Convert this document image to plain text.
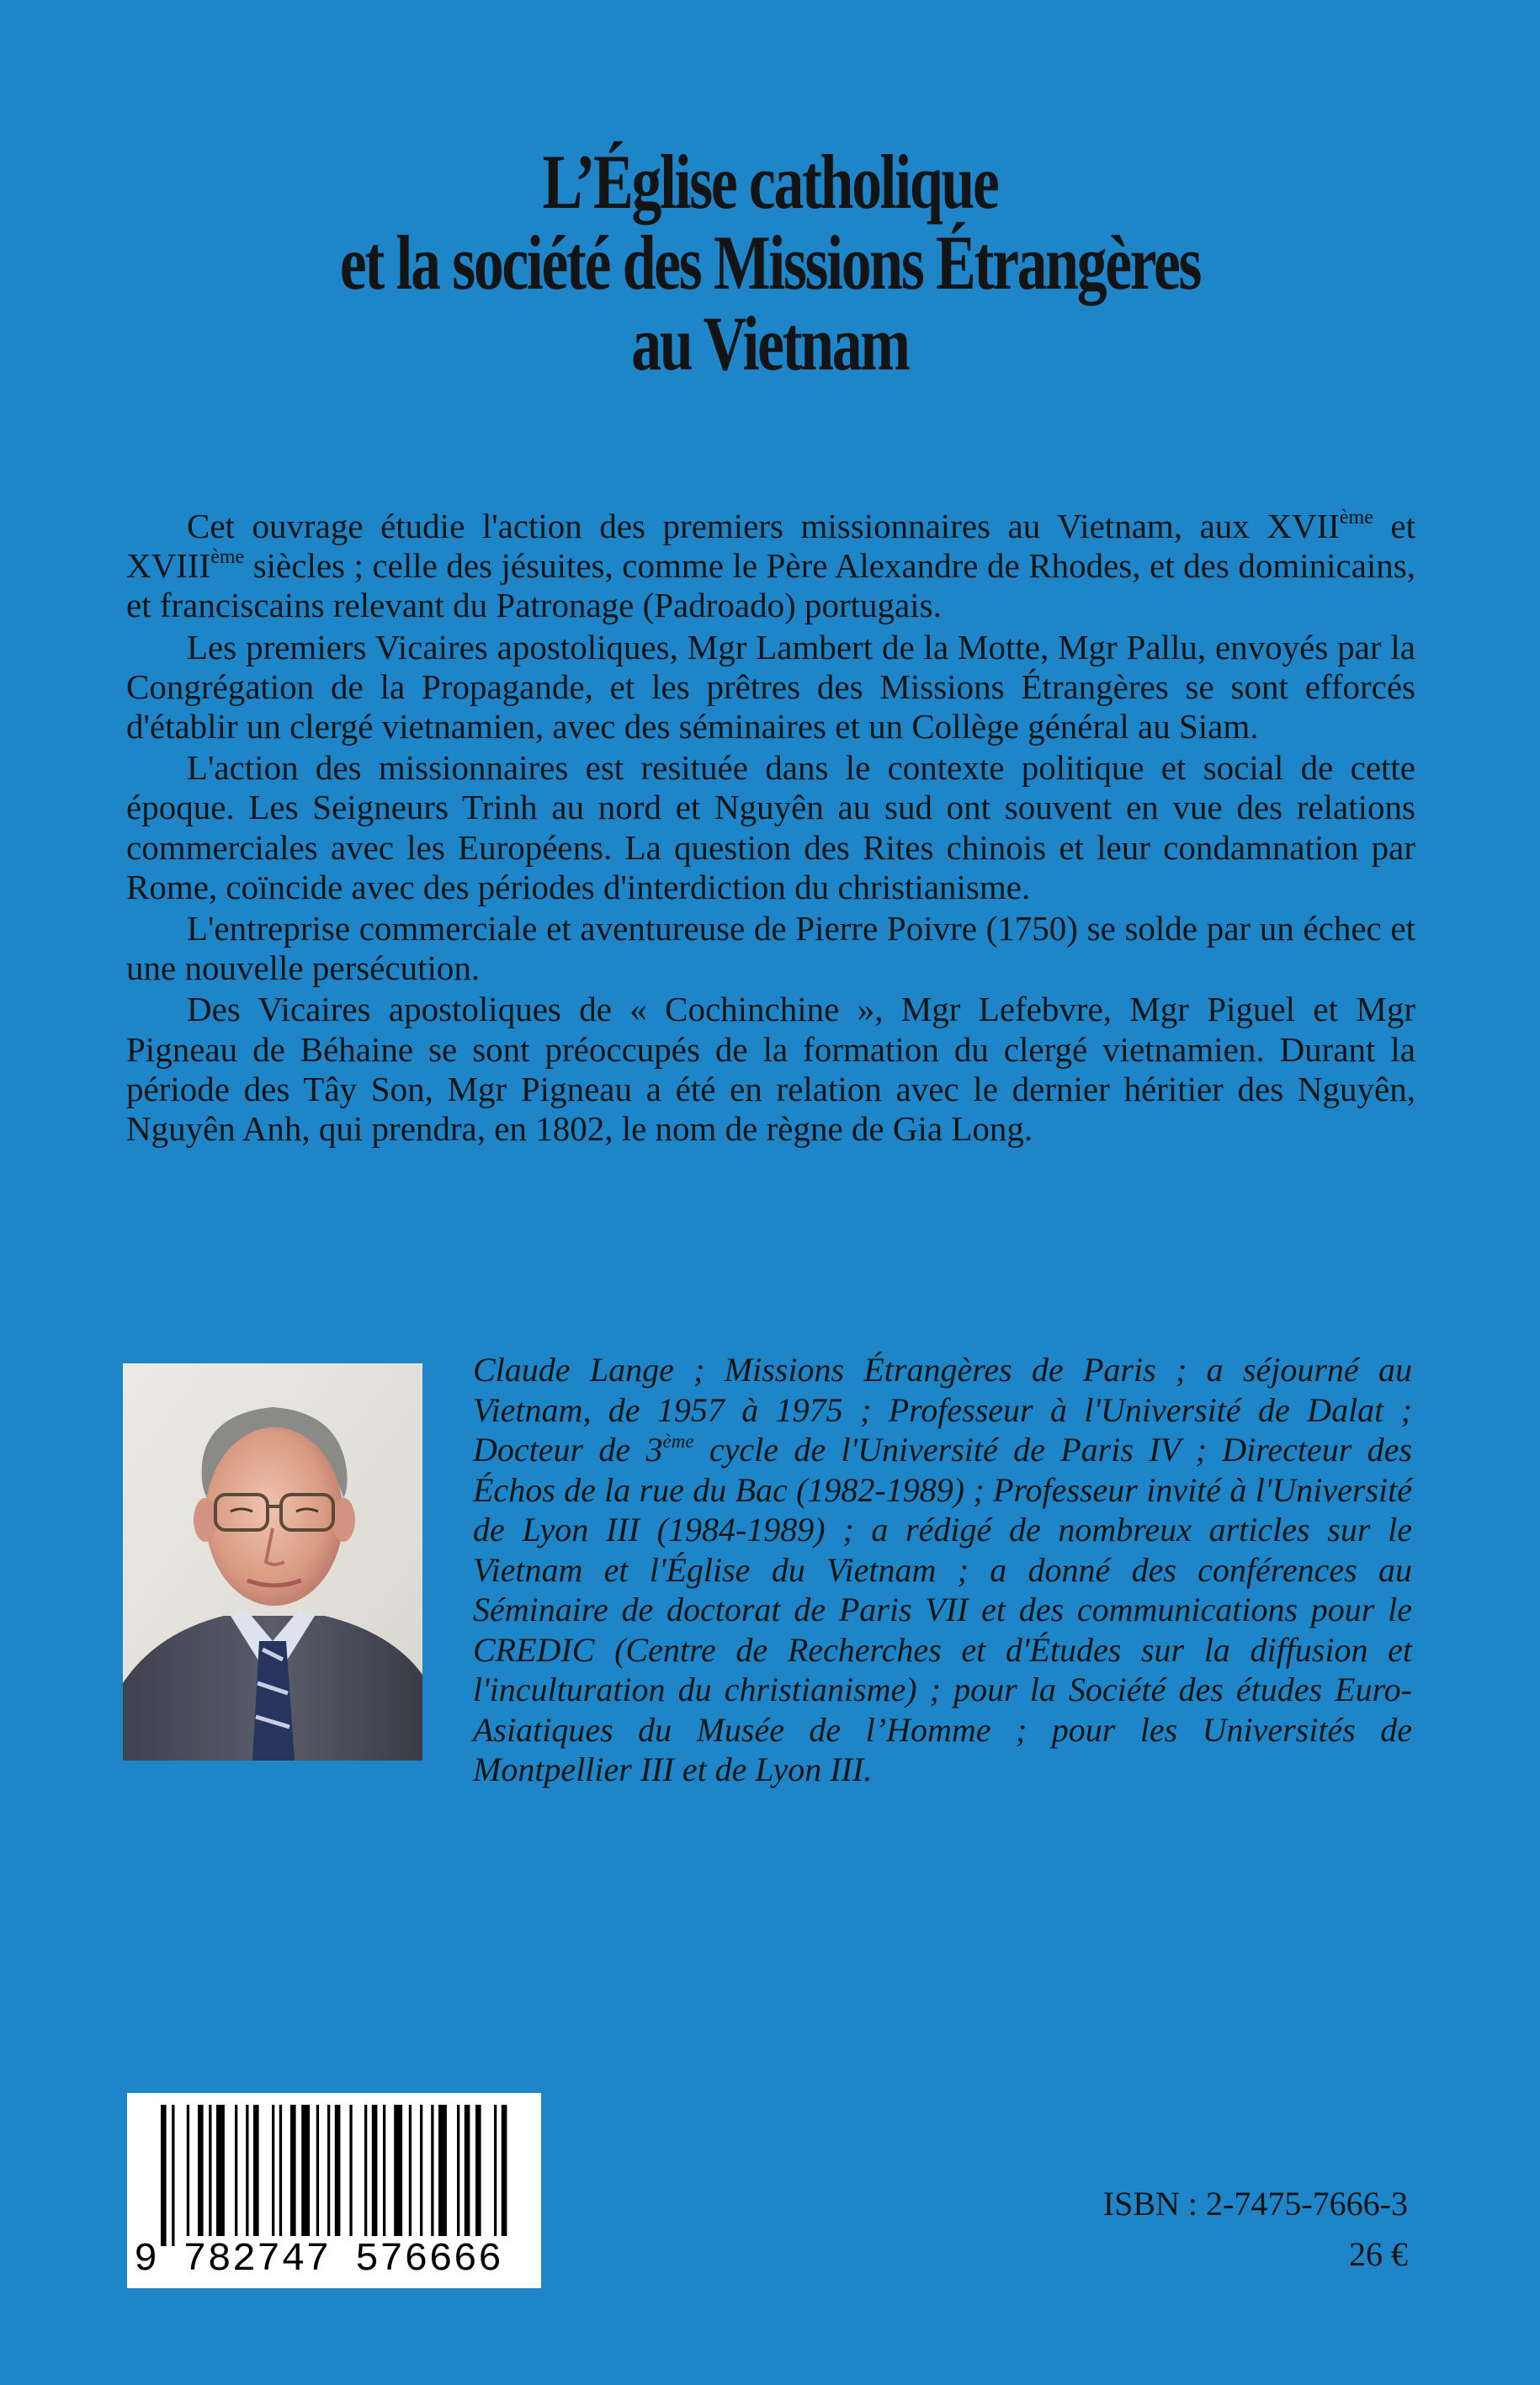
L’Église catholique
et la société des Missions Étrangères
au Vietnam

Cet ouvrage étudie l'action des premiers missionnaires au Vietnam, aux XVIIème et XVIIIème siècles ; celle des jésuites, comme le Père Alexandre de Rhodes, et des dominicains, et franciscains relevant du Patronage (Padroado) portugais.

Les premiers Vicaires apostoliques, Mgr Lambert de la Motte, Mgr Pallu, envoyés par la Congrégation de la Propagande, et les prêtres des Missions Étrangères se sont efforcés d'établir un clergé vietnamien, avec des séminaires et un Collège général au Siam.

L'action des missionnaires est resituée dans le contexte politique et social de cette époque. Les Seigneurs Trinh au nord et Nguyên au sud ont souvent en vue des relations commerciales avec les Européens. La question des Rites chinois et leur condamnation par Rome, coïncide avec des périodes d'interdiction du christianisme.

L'entreprise commerciale et aventureuse de Pierre Poivre (1750) se solde par un échec et une nouvelle persécution.

Des Vicaires apostoliques de « Cochinchine », Mgr Lefebvre, Mgr Piguel et Mgr Pigneau de Béhaine se sont préoccupés de la formation du clergé vietnamien. Durant la période des Tây Son, Mgr Pigneau a été en relation avec le dernier héritier des Nguyên, Nguyên Anh, qui prendra, en 1802, le nom de règne de Gia Long.

Claude Lange ; Missions Étrangères de Paris ; a séjourné au Vietnam, de 1957 à 1975 ; Professeur à l'Université de Dalat ; Docteur de 3ème cycle de l'Université de Paris IV ; Directeur des Échos de la rue du Bac (1982-1989) ; Professeur invité à l'Université de Lyon III (1984-1989) ; a rédigé de nombreux articles sur le Vietnam et l'Église du Vietnam ; a donné des conférences au Séminaire de doctorat de Paris VII et des communications pour le CREDIC (Centre de Recherches et d'Études sur la diffusion et l'inculturation du christianisme) ; pour la Société des études Euro-Asiatiques du Musée de l’Homme ; pour les Universités de Montpellier III et de Lyon III.
9 782747 576666
ISBN : 2-7475-7666-3
26 €
